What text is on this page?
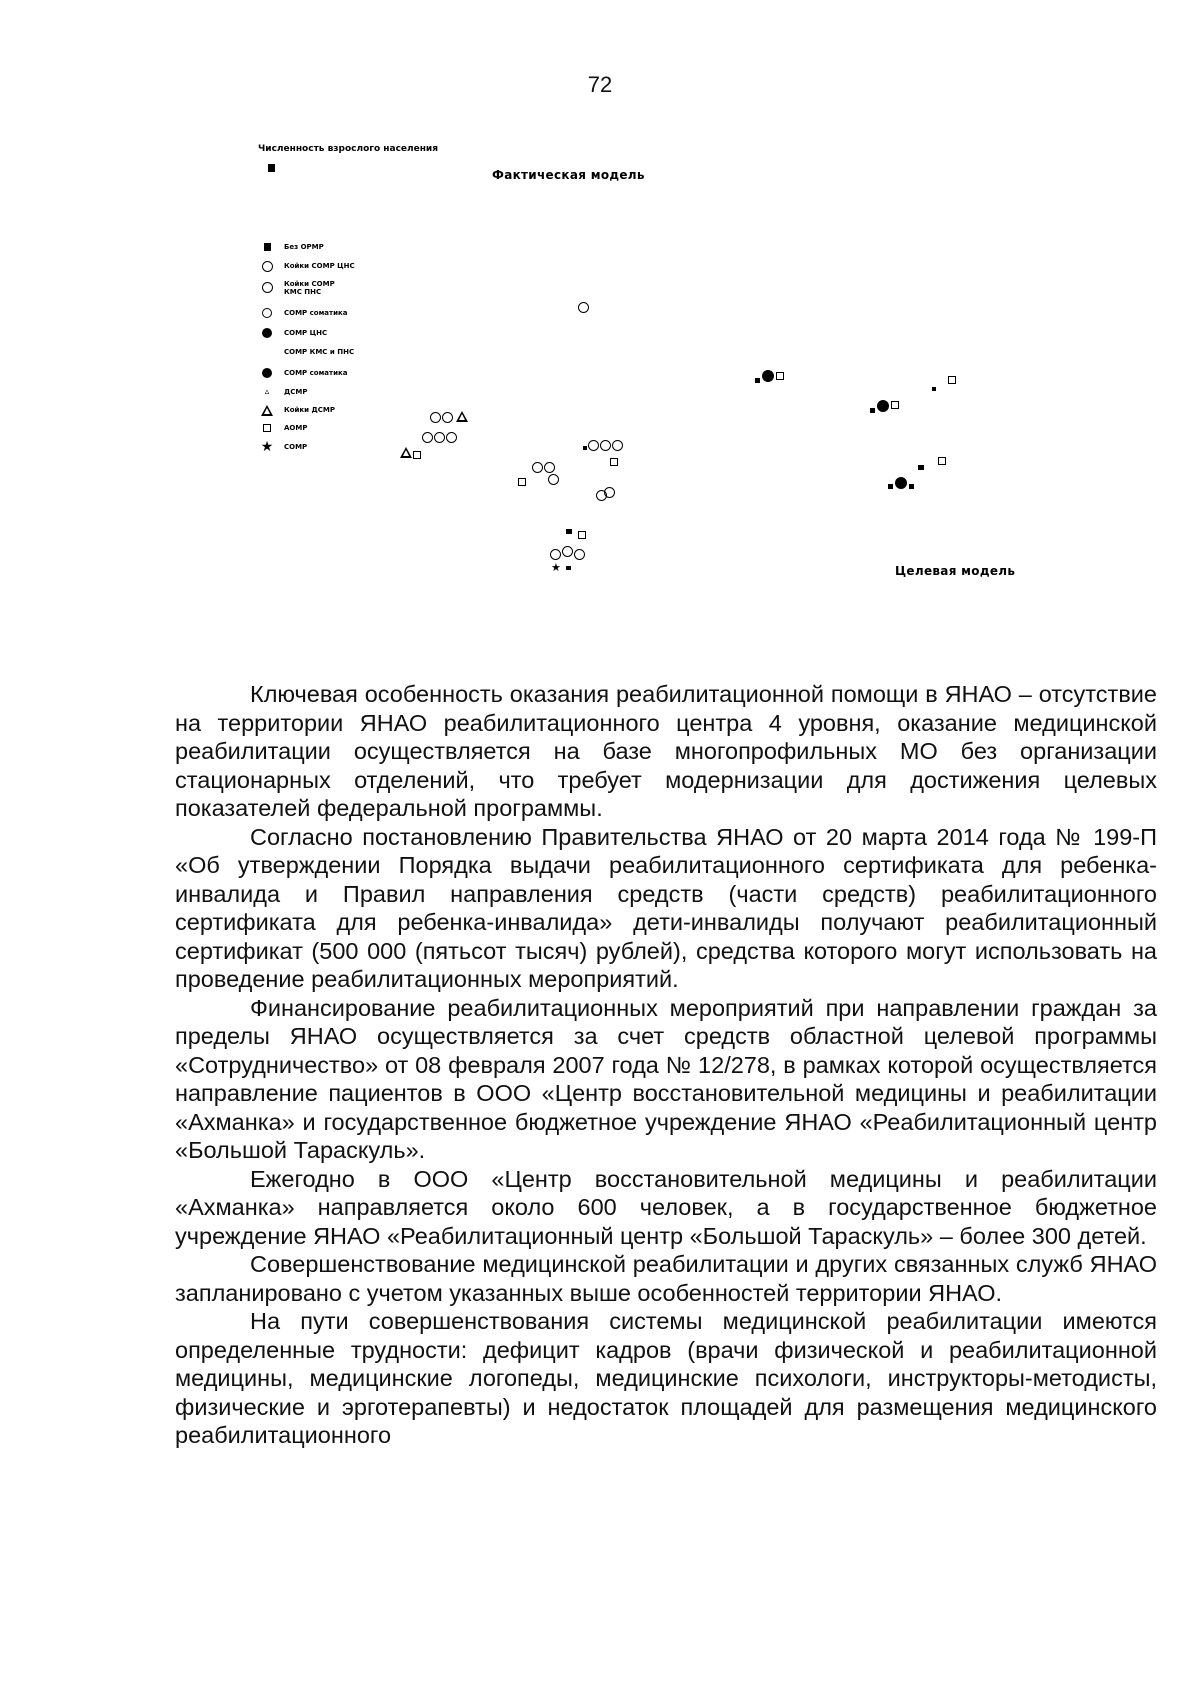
72
Численность взрослого населения
Фактическая модель
Целевая модель
Без ОРМР
Койки СОМР ЦНС
Койки СОМР КМС ПНС
СОМР соматика
СОМР ЦНС
СОМР КМС и ПНС
СОМР соматика
▵ ДСМР
Койки ДСМР
АОМР
★ СОМР
★

Ключевая особенность оказания реабилитационной помощи в ЯНАО – отсутствие на территории ЯНАО реабилитационного центра 4 уровня, оказание медицинской реабилитации осуществляется на базе многопрофильных МО без организации стационарных отделений, что требует модернизации для достижения целевых показателей федеральной программы.

Согласно постановлению Правительства ЯНАО от 20 марта 2014 года № 199-П «Об утверждении Порядка выдачи реабилитационного сертификата для ребенка-инвалида и Правил направления средств (части средств) реабилитационного сертификата для ребенка-инвалида» дети-инвалиды получают реабилитационный сертификат (500 000 (пятьсот тысяч) рублей), средства которого могут использовать на проведение реабилитационных мероприятий.

Финансирование реабилитационных мероприятий при направлении граждан за пределы ЯНАО осуществляется за счет средств областной целевой программы «Сотрудничество» от 08 февраля 2007 года № 12/278, в рамках которой осуществляется направление пациентов в ООО «Центр восстановительной медицины и реабилитации «Ахманка» и государственное бюджетное учреждение ЯНАО «Реабилитационный центр «Большой Тараскуль».

Ежегодно в ООО «Центр восстановительной медицины и реабилитации «Ахманка» направляется около 600 человек, а в государственное бюджетное учреждение ЯНАО «Реабилитационный центр «Большой Тараскуль» – более 300 детей.

Совершенствование медицинской реабилитации и других связанных служб ЯНАО запланировано с учетом указанных выше особенностей территории ЯНАО.

На пути совершенствования системы медицинской реабилитации имеются определенные трудности: дефицит кадров (врачи физической и реабилитационной медицины, медицинские логопеды, медицинские психологи, инструкторы-методисты, физические и эрготерапевты) и недостаток площадей для размещения медицинского реабилитационного
